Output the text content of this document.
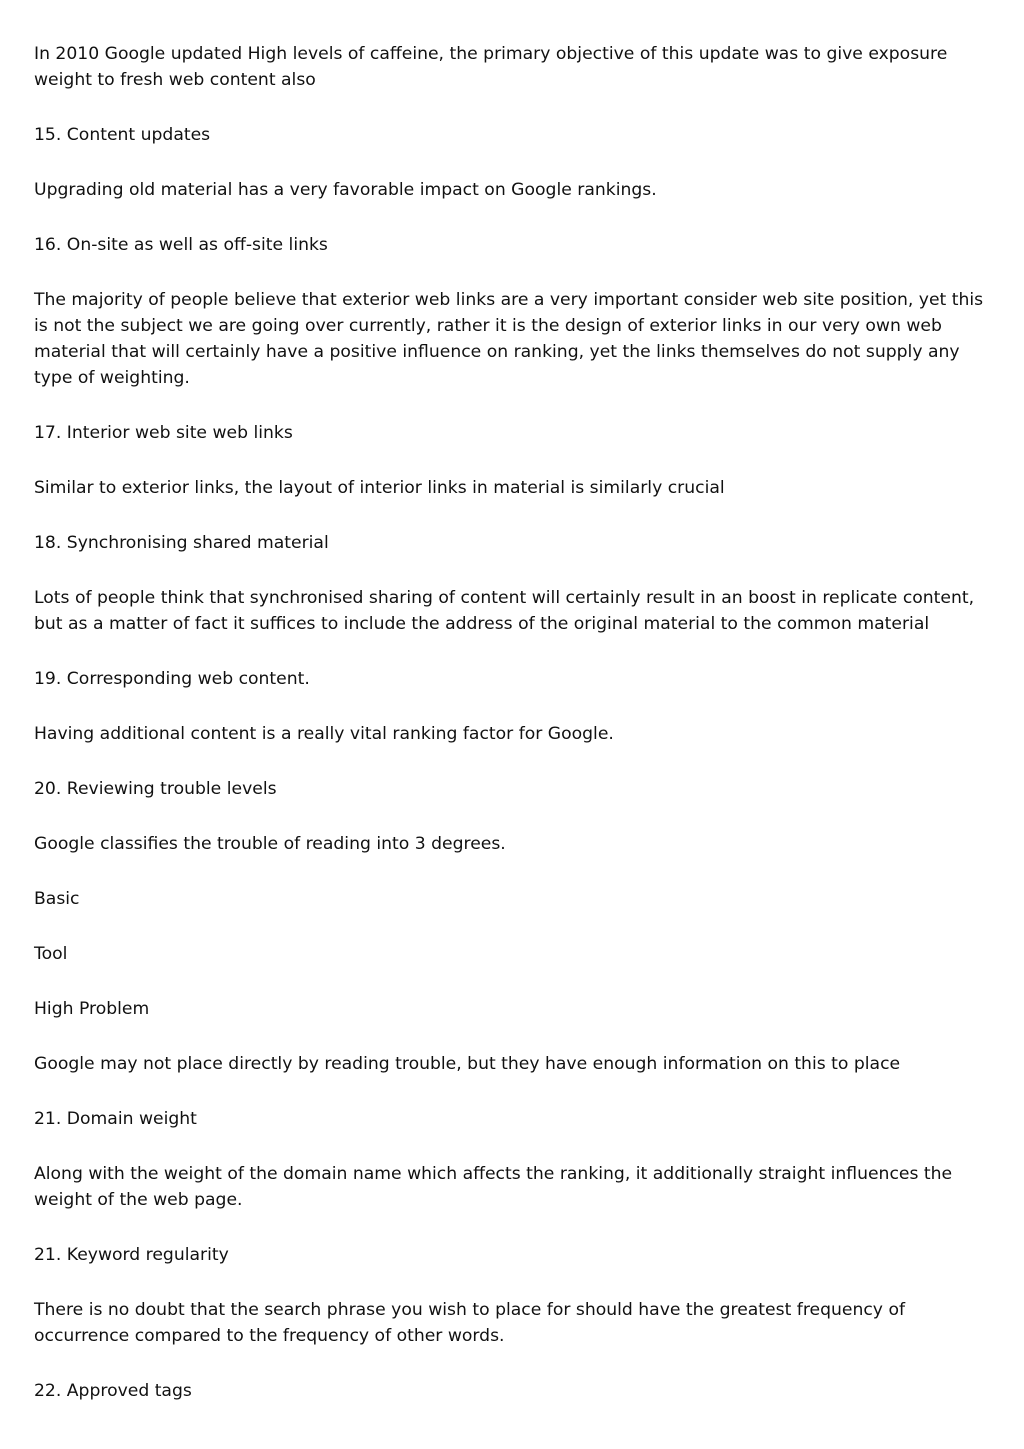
In 2010 Google updated High levels of caffeine, the primary objective of this update was to give exposure weight to fresh web content also

15. Content updates

Upgrading old material has a very favorable impact on Google rankings.

16. On-site as well as off-site links

The majority of people believe that exterior web links are a very important consider web site position, yet this is not the subject we are going over currently, rather it is the design of exterior links in our very own web material that will certainly have a positive influence on ranking, yet the links themselves do not supply any type of weighting.

17. Interior web site web links

Similar to exterior links, the layout of interior links in material is similarly crucial

18. Synchronising shared material

Lots of people think that synchronised sharing of content will certainly result in an boost in replicate content, but as a matter of fact it suffices to include the address of the original material to the common material

19. Corresponding web content.

Having additional content is a really vital ranking factor for Google.

20. Reviewing trouble levels

Google classifies the trouble of reading into 3 degrees.

Basic

Tool

High Problem

Google may not place directly by reading trouble, but they have enough information on this to place

21. Domain weight

Along with the weight of the domain name which affects the ranking, it additionally straight influences the weight of the web page.

21. Keyword regularity

There is no doubt that the search phrase you wish to place for should have the greatest frequency of occurrence compared to the frequency of other words.

22. Approved tags
